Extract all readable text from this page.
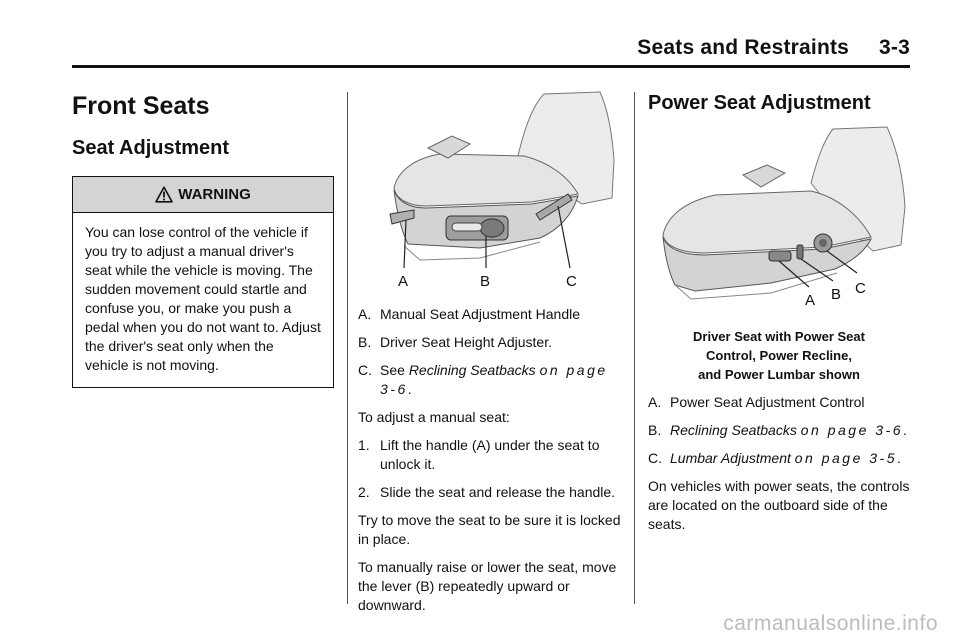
Seats and Restraints 3-3
Front Seats
Seat Adjustment
WARNING
You can lose control of the vehicle if you try to adjust a manual driver's seat while the vehicle is moving. The sudden movement could startle and confuse you, or make you push a pedal when you do not want to. Adjust the driver's seat only when the vehicle is not moving.
A	B	C
A. Manual Seat Adjustment Handle
B. Driver Seat Height Adjuster.
C. See Reclining Seatbacks on page 3-6.
To adjust a manual seat:
1. Lift the handle (A) under the seat to unlock it.
2. Slide the seat and release the handle.
Try to move the seat to be sure it is locked in place.
To manually raise or lower the seat, move the lever (B) repeatedly upward or downward.
Power Seat Adjustment
A B C
Driver Seat with Power Seat
Control, Power Recline,
and Power Lumbar shown
A. Power Seat Adjustment Control
B. Reclining Seatbacks on page 3-6.
C. Lumbar Adjustment on page 3-5.
On vehicles with power seats, the controls are located on the outboard side of the seats.
carmanualsonline.info
